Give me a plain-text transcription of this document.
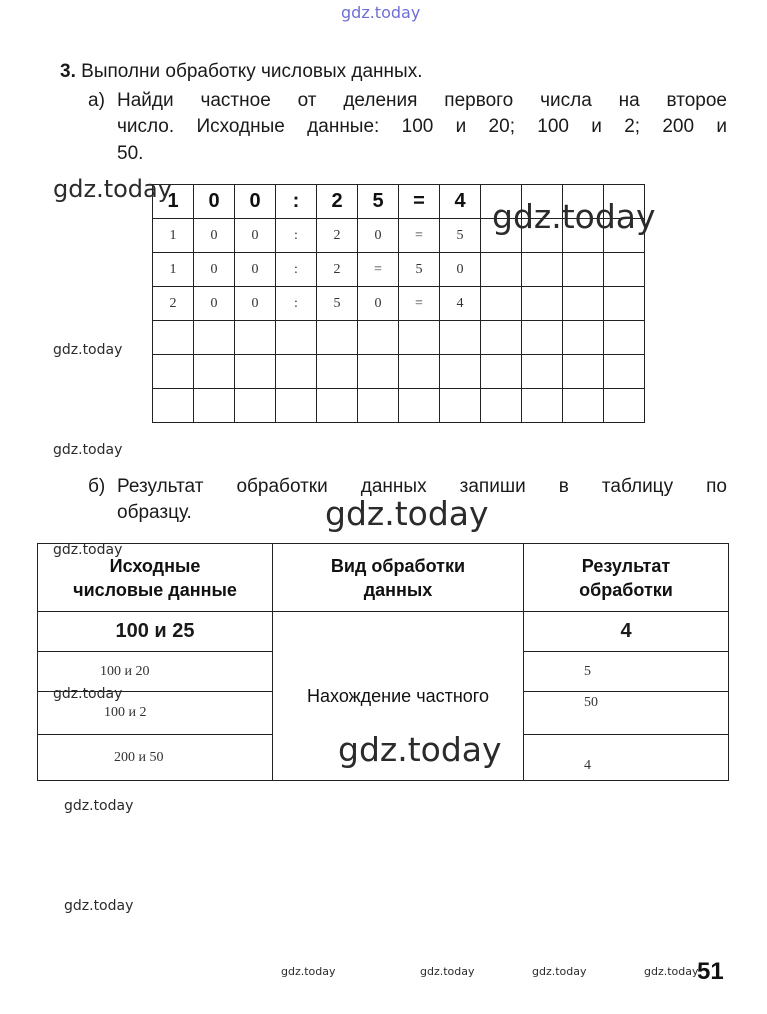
gdz.today
3. Выполни обработку числовых данных.
а) Найди частное от деления первого числа на второе
число. Исходные данные: 100 и 20; 100 и 2; 200 и
50.
1	0	0	:	2	5	=	4				
1	0	0	:	2	0	=	5				
1	0	0	:	2	=	5	0				
2	0	0	:	5	0	=	4				

б) Результат обработки данных запиши в таблицу по
образцу.
Исходные числовые данные	Вид обработки данных	Результат обработки
100 и 25	Нахождение частного	4
100 и 20		5
100 и 2		50
200 и 50		4
gdz.today
gdz.today
gdz.today
gdz.today
gdz.today
gdz.today
gdz.today
gdz.today
gdz.today
gdz.today
gdz.today	gdz.today	gdz.today	gdz.today
51
